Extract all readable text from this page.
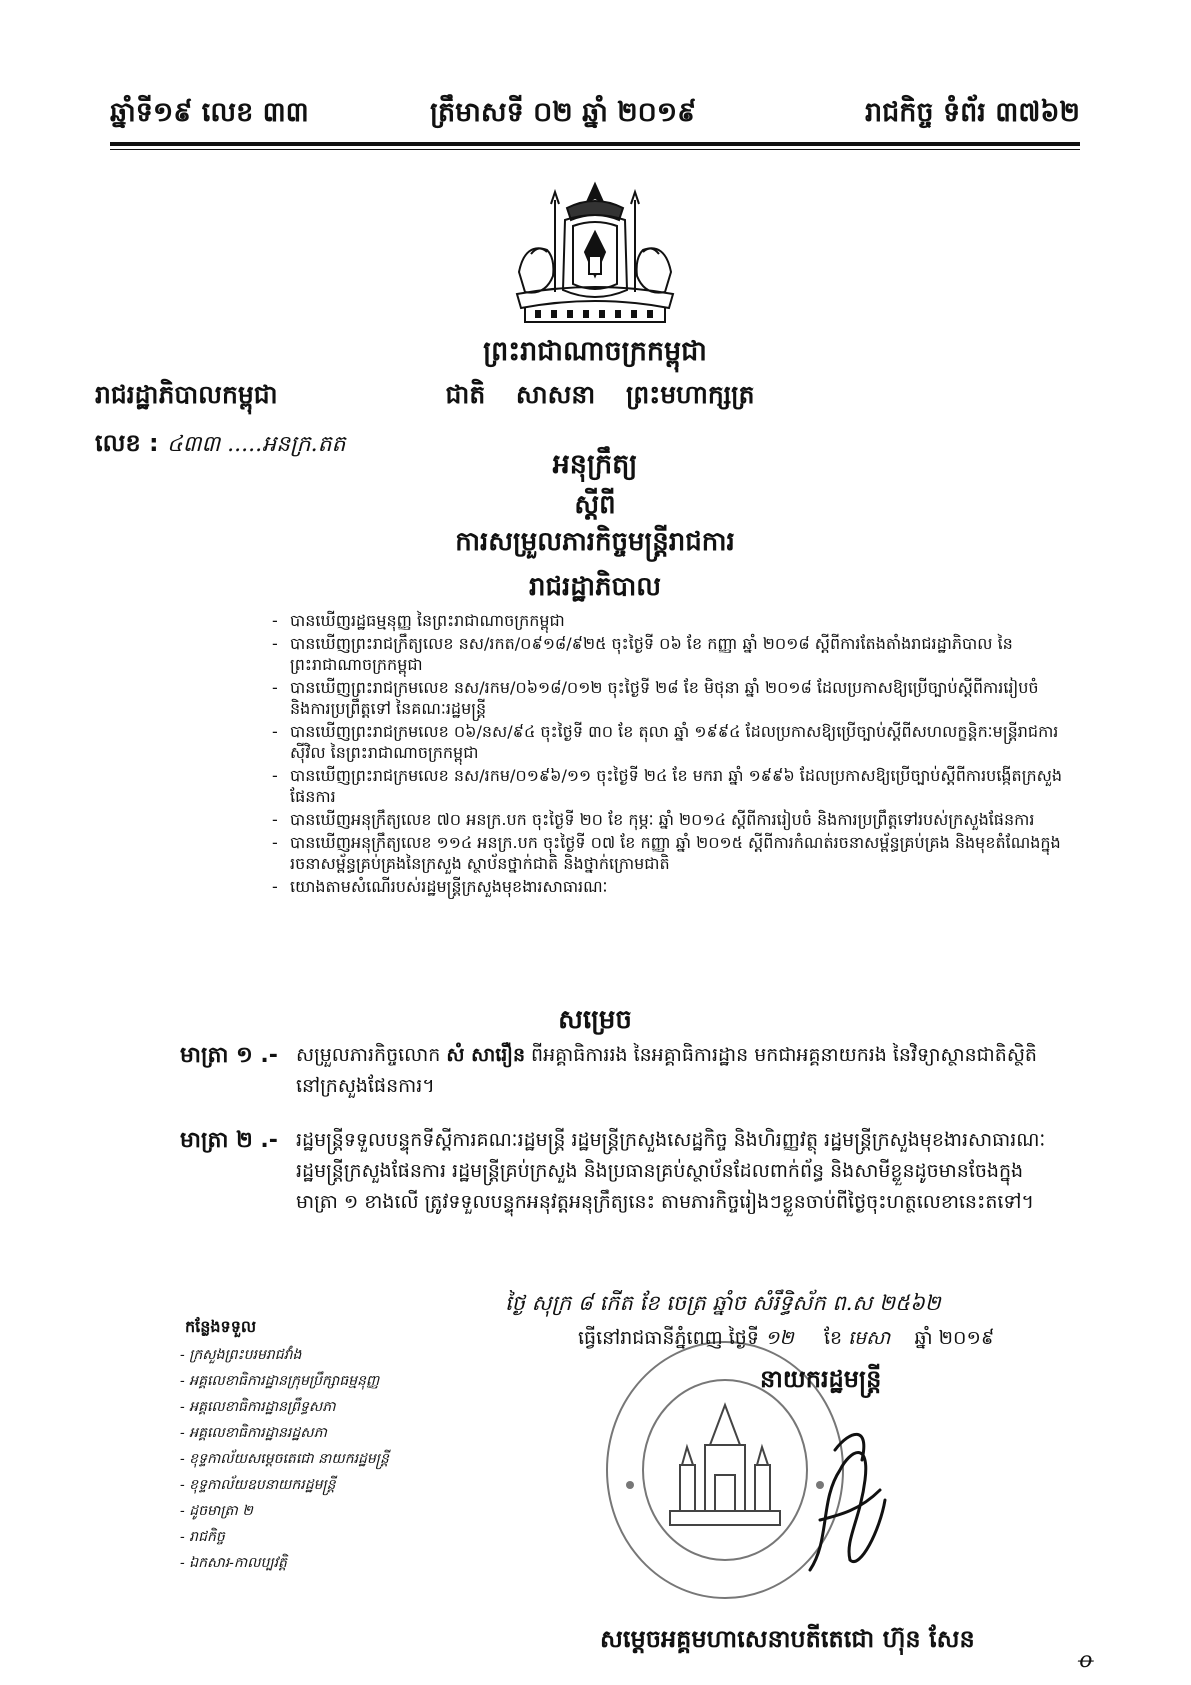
ឆ្នាំទី១៩ លេខ ៣៣	ត្រឹមាសទី ០២ ឆ្នាំ ២០១៩	រាជកិច្ច ទំព័រ ៣៧៦២
ព្រះរាជាណាចក្រកម្ពុជា
រាជរដ្ឋាភិបាលកម្ពុជា	ជាតិ សាសនា ព្រះមហាក្សត្រ
លេខ : ៤៣៣ .....អនក្រ.តត
អនុក្រឹត្យ
ស្តីពី
ការសម្រួលភារកិច្ចមន្ត្រីរាជការ
រាជរដ្ឋាភិបាល
- បានឃើញរដ្ឋធម្មនុញ្ញ នៃព្រះរាជាណាចក្រកម្ពុជា
- បានឃើញព្រះរាជក្រឹត្យលេខ នស/រកត/០៩១៨/៩២៥ ចុះថ្ងៃទី ០៦ ខែ កញ្ញា ឆ្នាំ ២០១៨ ស្តីពីការតែងតាំងរាជរដ្ឋាភិបាល នៃព្រះរាជាណាចក្រកម្ពុជា
- បានឃើញព្រះរាជក្រមលេខ នស/រកម/០៦១៨/០១២ ចុះថ្ងៃទី ២៨ ខែ មិថុនា ឆ្នាំ ២០១៨ ដែលប្រកាសឱ្យប្រើច្បាប់ស្តីពីការរៀបចំ និងការប្រព្រឹត្តទៅ នៃគណៈរដ្ឋមន្ត្រី
- បានឃើញព្រះរាជក្រមលេខ ០៦/នស/៩៤ ចុះថ្ងៃទី ៣០ ខែ តុលា ឆ្នាំ ១៩៩៤ ដែលប្រកាសឱ្យប្រើច្បាប់ស្តីពីសហលក្ខន្តិកៈមន្ត្រីរាជការស៊ីវិល នៃព្រះរាជាណាចក្រកម្ពុជា
- បានឃើញព្រះរាជក្រមលេខ នស/រកម/០១៩៦/១១ ចុះថ្ងៃទី ២៤ ខែ មករា ឆ្នាំ ១៩៩៦ ដែលប្រកាសឱ្យប្រើច្បាប់ស្តីពីការបង្កើតក្រសួងផែនការ
- បានឃើញអនុក្រឹត្យលេខ ៧០ អនក្រ.បក ចុះថ្ងៃទី ២០ ខែ កុម្ភៈ ឆ្នាំ ២០១៤ ស្តីពីការរៀបចំ និងការប្រព្រឹត្តទៅរបស់ក្រសួងផែនការ
- បានឃើញអនុក្រឹត្យលេខ ១១៤ អនក្រ.បក ចុះថ្ងៃទី ០៧ ខែ កញ្ញា ឆ្នាំ ២០១៥ ស្តីពីការកំណត់រចនាសម្ព័ន្ធគ្រប់គ្រង និងមុខតំណែងក្នុងរចនាសម្ព័ន្ធគ្រប់គ្រងនៃក្រសួង ស្ថាប័នថ្នាក់ជាតិ និងថ្នាក់ក្រោមជាតិ
- យោងតាមសំណើរបស់រដ្ឋមន្ត្រីក្រសួងមុខងារសាធារណៈ
សម្រេច
មាត្រា ១ .- សម្រួលភារកិច្ចលោក សំ សារឿន ពីអគ្គាធិការរង នៃអគ្គាធិការដ្ឋាន មកជាអគ្គនាយករង នៃវិទ្យាស្ថានជាតិស្ថិតិ នៅក្រសួងផែនការ។
មាត្រា ២ .- រដ្ឋមន្ត្រីទទួលបន្ទុកទីស្តីការគណៈរដ្ឋមន្ត្រី រដ្ឋមន្ត្រីក្រសួងសេដ្ឋកិច្ច និងហិរញ្ញវត្ថុ រដ្ឋមន្ត្រីក្រសួងមុខងារសាធារណៈ រដ្ឋមន្ត្រីក្រសួងផែនការ រដ្ឋមន្ត្រីគ្រប់ក្រសួង និងប្រធានគ្រប់ស្ថាប័នដែលពាក់ព័ន្ធ និងសាមីខ្លួនដូចមានចែងក្នុងមាត្រា ១ ខាងលើ ត្រូវទទួលបន្ទុកអនុវត្តអនុក្រឹត្យនេះ តាមភារកិច្ចរៀងៗខ្លួនចាប់ពីថ្ងៃចុះហត្ថលេខានេះតទៅ។
ថ្ងៃ សុក្រ ៨ កើត ខែ ចេត្រ ឆ្នាំច សំរឹទ្ធិស័ក ព.ស ២៥៦២
ធ្វើនៅរាជធានីភ្នំពេញ ថ្ងៃទី ១២ ខែ មេសា ឆ្នាំ ២០១៩
នាយករដ្ឋមន្ត្រី
កន្លែងទទួល
- ក្រសួងព្រះបរមរាជវាំង
- អគ្គលេខាធិការដ្ឋានក្រុមប្រឹក្សាធម្មនុញ្ញ
- អគ្គលេខាធិការដ្ឋានព្រឹទ្ធសភា
- អគ្គលេខាធិការដ្ឋានរដ្ឋសភា
- ខុទ្ទកាល័យសម្តេចតេជោ នាយករដ្ឋមន្ត្រី
- ខុទ្ទកាល័យឧបនាយករដ្ឋមន្ត្រី
- ដូចមាត្រា ២
- រាជកិច្ច
- ឯកសារ-កាលប្បវត្តិ
សម្តេចអគ្គមហាសេនាបតីតេជោ ហ៊ុន សែន
ꝋ
